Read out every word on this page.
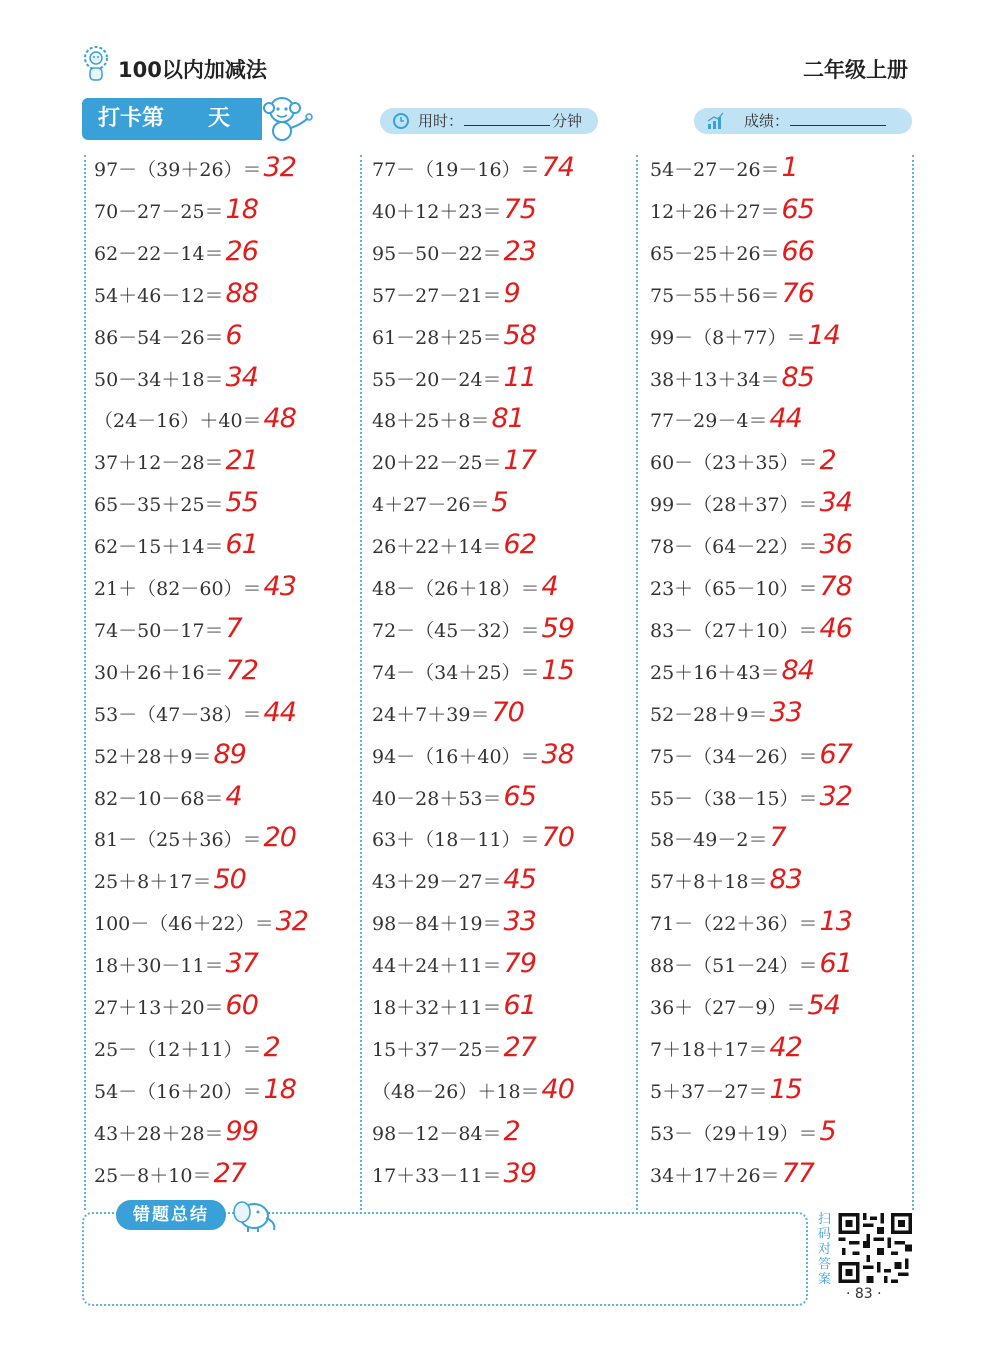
100以内加减法	二年级上册
打卡第　　天	用时：	分钟	成绩：
97－（39＋26）＝32
70－27－25＝18
62－22－14＝26
54＋46－12＝88
86－54－26＝6
50－34＋18＝34
（24－16）＋40＝48
37＋12－28＝21
65－35＋25＝55
62－15＋14＝61
21＋（82－60）＝43
74－50－17＝7
30＋26＋16＝72
53－（47－38）＝44
52＋28＋9＝89
82－10－68＝4
81－（25＋36）＝20
25＋8＋17＝50
100－（46＋22）＝32
18＋30－11＝37
27＋13＋20＝60
25－（12＋11）＝2
54－（16＋20）＝18
43＋28＋28＝99
25－8＋10＝27
77－（19－16）＝74
40＋12＋23＝75
95－50－22＝23
57－27－21＝9
61－28＋25＝58
55－20－24＝11
48＋25＋8＝81
20＋22－25＝17
4＋27－26＝5
26＋22＋14＝62
48－（26＋18）＝4
72－（45－32）＝59
74－（34＋25）＝15
24＋7＋39＝70
94－（16＋40）＝38
40－28＋53＝65
63＋（18－11）＝70
43＋29－27＝45
98－84＋19＝33
44＋24＋11＝79
18＋32＋11＝61
15＋37－25＝27
（48－26）＋18＝40
98－12－84＝2
17＋33－11＝39
54－27－26＝1
12＋26＋27＝65
65－25＋26＝66
75－55＋56＝76
99－（8＋77）＝14
38＋13＋34＝85
77－29－4＝44
60－（23＋35）＝2
99－（28＋37）＝34
78－（64－22）＝36
23＋（65－10）＝78
83－（27＋10）＝46
25＋16＋43＝84
52－28＋9＝33
75－（34－26）＝67
55－（38－15）＝32
58－49－2＝7
57＋8＋18＝83
71－（22＋36）＝13
88－（51－24）＝61
36＋（27－9）＝54
7＋18＋17＝42
5＋37－27＝15
53－（29＋19）＝5
34＋17＋26＝77
错题总结	扫码对答案
· 83 ·
